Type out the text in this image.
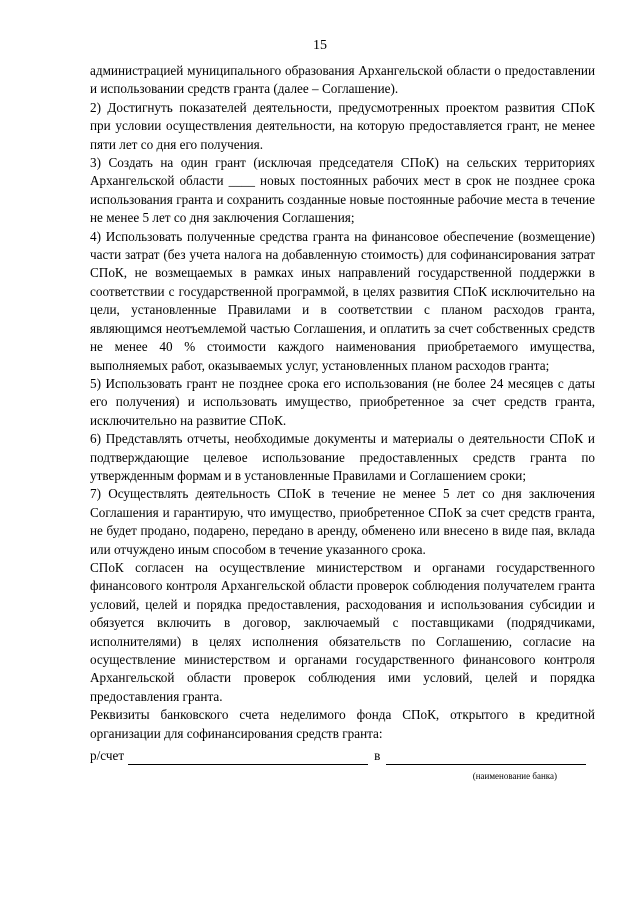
15

администрацией муниципального образования Архангельской области о предоставлении и использовании средств гранта (далее – Соглашение).

2) Достигнуть показателей деятельности, предусмотренных проектом развития СПоК при условии осуществления деятельности, на которую предоставляется грант, не менее пяти лет со дня его получения.

3) Создать на один грант (исключая председателя СПоК) на сельских территориях Архангельской области ____ новых постоянных рабочих мест в срок не позднее срока использования гранта и сохранить созданные новые постоянные рабочие места в течение не менее 5 лет со дня заключения Соглашения;

4) Использовать полученные средства гранта на финансовое обеспечение (возмещение) части затрат (без учета налога на добавленную стоимость) для софинансирования затрат СПоК, не возмещаемых в рамках иных направлений государственной поддержки в соответствии с государственной программой, в целях развития СПоК исключительно на цели, установленные Правилами и в соответствии с планом расходов гранта, являющимся неотъемлемой частью Соглашения, и оплатить за счет собственных средств не менее 40 % стоимости каждого наименования приобретаемого имущества, выполняемых работ, оказываемых услуг, установленных планом расходов гранта;

5) Использовать грант не позднее срока его использования (не более 24 месяцев с даты его получения) и использовать имущество, приобретенное за счет средств гранта, исключительно на развитие СПоК.

6) Представлять отчеты, необходимые документы и материалы о деятельности СПоК и подтверждающие целевое использование предоставленных средств гранта по утвержденным формам и в установленные Правилами и Соглашением сроки;

7) Осуществлять деятельность СПоК в течение не менее 5 лет со дня заключения Соглашения и гарантирую, что имущество, приобретенное СПоК за счет средств гранта, не будет продано, подарено, передано в аренду, обменено или внесено в виде пая, вклада или отчуждено иным способом в течение указанного срока.

СПоК согласен на осуществление министерством и органами государственного финансового контроля Архангельской области проверок соблюдения получателем гранта условий, целей и порядка предоставления, расходования и использования субсидии и обязуется включить в договор, заключаемый с поставщиками (подрядчиками, исполнителями) в целях исполнения обязательств по Соглашению, согласие на осуществление министерством и органами государственного финансового контроля Архангельской области проверок соблюдения ими условий, целей и порядка предоставления гранта.

Реквизиты банковского счета неделимого фонда СПоК, открытого в кредитной организации для софинансирования средств гранта:

р/счет	в
(наименование банка)
